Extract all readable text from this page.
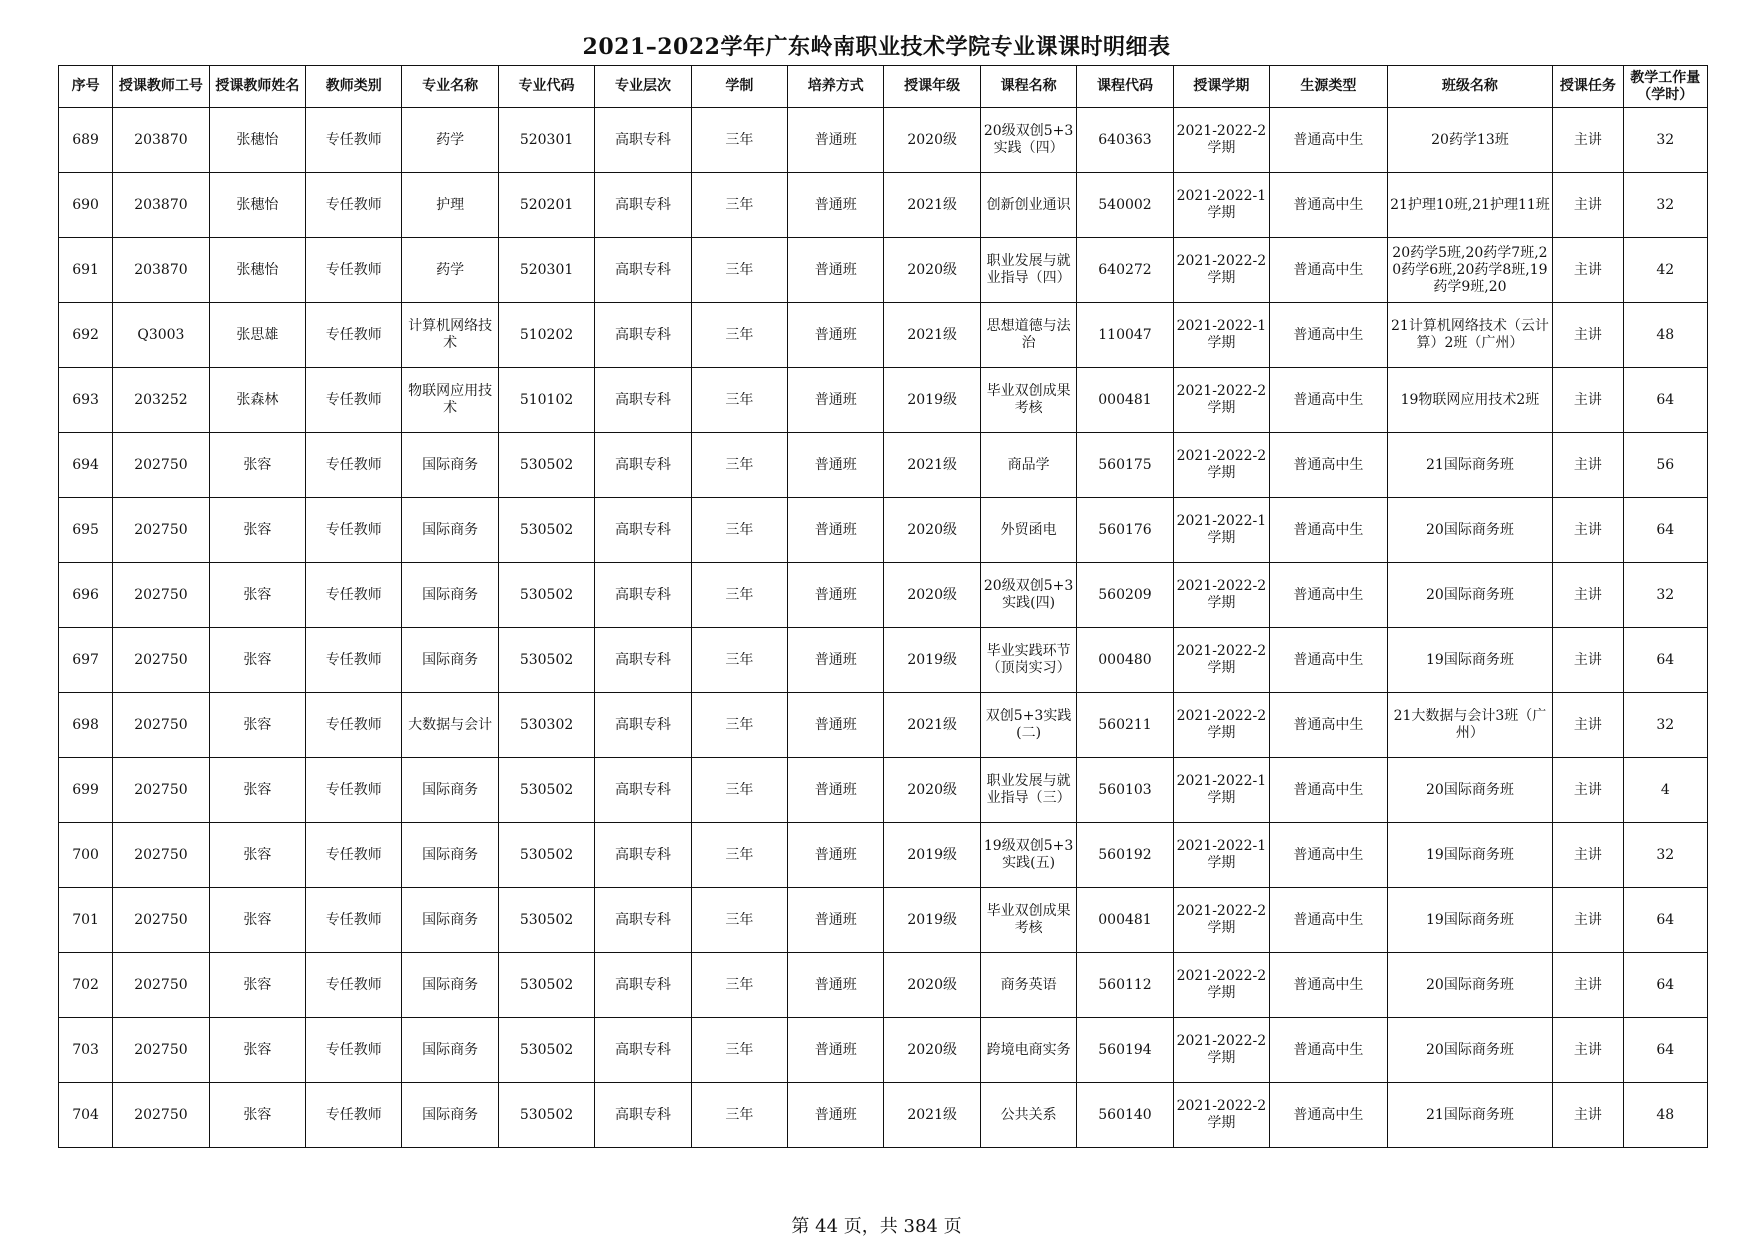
2021–2022学年广东岭南职业技术学院专业课课时明细表
序号	授课教师工号	授课教师姓名	教师类别	专业名称	专业代码	专业层次	学制	培养方式	授课年级	课程名称	课程代码	授课学期	生源类型	班级名称	授课任务	教学工作量（学时）

689	203870	张穗怡	专任教师	药学	520301	高职专科	三年	普通班	2020级	20级双创5+3实践（四）	640363	2021-2022-2学期	普通高中生	20药学13班	主讲	32

690	203870	张穗怡	专任教师	护理	520201	高职专科	三年	普通班	2021级	创新创业通识	540002	2021-2022-1学期	普通高中生	21护理10班,21护理11班	主讲	32

691	203870	张穗怡	专任教师	药学	520301	高职专科	三年	普通班	2020级	职业发展与就业指导（四）	640272	2021-2022-2学期	普通高中生	20药学5班,20药学7班,20药学6班,20药学8班,19药学9班,20	主讲	42

692	Q3003	张思雄	专任教师	计算机网络技术	510202	高职专科	三年	普通班	2021级	思想道德与法治	110047	2021-2022-1学期	普通高中生	21计算机网络技术（云计算）2班（广州）	主讲	48

693	203252	张森林	专任教师	物联网应用技术	510102	高职专科	三年	普通班	2019级	毕业双创成果考核	000481	2021-2022-2学期	普通高中生	19物联网应用技术2班	主讲	64

694	202750	张容	专任教师	国际商务	530502	高职专科	三年	普通班	2021级	商品学	560175	2021-2022-2学期	普通高中生	21国际商务班	主讲	56

695	202750	张容	专任教师	国际商务	530502	高职专科	三年	普通班	2020级	外贸函电	560176	2021-2022-1学期	普通高中生	20国际商务班	主讲	64

696	202750	张容	专任教师	国际商务	530502	高职专科	三年	普通班	2020级	20级双创5+3实践(四)	560209	2021-2022-2学期	普通高中生	20国际商务班	主讲	32

697	202750	张容	专任教师	国际商务	530502	高职专科	三年	普通班	2019级	毕业实践环节（顶岗实习）	000480	2021-2022-2学期	普通高中生	19国际商务班	主讲	64

698	202750	张容	专任教师	大数据与会计	530302	高职专科	三年	普通班	2021级	双创5+3实践(二)	560211	2021-2022-2学期	普通高中生	21大数据与会计3班（广州）	主讲	32

699	202750	张容	专任教师	国际商务	530502	高职专科	三年	普通班	2020级	职业发展与就业指导（三）	560103	2021-2022-1学期	普通高中生	20国际商务班	主讲	4

700	202750	张容	专任教师	国际商务	530502	高职专科	三年	普通班	2019级	19级双创5+3实践(五)	560192	2021-2022-1学期	普通高中生	19国际商务班	主讲	32

701	202750	张容	专任教师	国际商务	530502	高职专科	三年	普通班	2019级	毕业双创成果考核	000481	2021-2022-2学期	普通高中生	19国际商务班	主讲	64

702	202750	张容	专任教师	国际商务	530502	高职专科	三年	普通班	2020级	商务英语	560112	2021-2022-2学期	普通高中生	20国际商务班	主讲	64

703	202750	张容	专任教师	国际商务	530502	高职专科	三年	普通班	2020级	跨境电商实务	560194	2021-2022-2学期	普通高中生	20国际商务班	主讲	64

704	202750	张容	专任教师	国际商务	530502	高职专科	三年	普通班	2021级	公共关系	560140	2021-2022-2学期	普通高中生	21国际商务班	主讲	48
第 44 页，共 384 页
